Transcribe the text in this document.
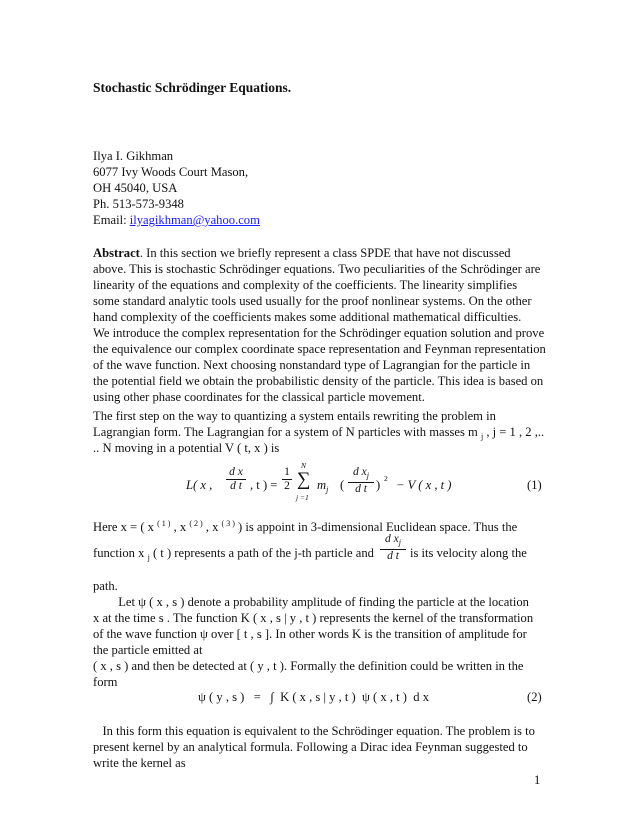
Stochastic Schrödinger Equations.
Ilya I. Gikhman
6077 Ivy Woods Court Mason,
OH 45040, USA
Ph. 513-573-9348
Email: ilyagikhman@yahoo.com
Abstract. In this section we briefly represent a class SPDE that have not discussed
above. This is stochastic Schrödinger equations. Two peculiarities of the Schrödinger are
linearity of the equations and complexity of the coefficients. The linearity simplifies
some standard analytic tools used usually for the proof nonlinear systems. On the other
hand complexity of the coefficients makes some additional mathematical difficulties.
We introduce the complex representation for the Schrödinger equation solution and prove
the equivalence our complex coordinate space representation and Feynman representation
of the wave function. Next choosing nonstandard type of Lagrangian for the particle in
the potential field we obtain the probabilistic density of the particle. This idea is based on
using other phase coordinates for the classical particle movement.
The first step on the way to quantizing a system entails rewriting the problem in
Lagrangian form. The Lagrangian for a system of N particles with masses m $_j$ , j = 1 , 2 ,..
.. N moving in a potential V ( t, x ) is
L( x , $\frac{\text{d x}}{\text{d t}}$ , t ) = $\frac{1}{2}$
N
∑
j =1
$m_j$ ( $\frac{d x_j}{\text{d t}}$ ) 2 − V ( x , t )	(1)
Here x = ( x $^{( 1 )}$ , x $^{( 2 )}$ , x $^{( 3 )}$ ) is appoint in 3-dimensional Euclidean space. Thus the
function x $_j$ ( t ) represents a path of the j-th particle and $\frac{d x_j}{\text{d t}}$ is its velocity along the
path.
Let ψ ( x , s ) denote a probability amplitude of finding the particle at the location
x at the time s . The function K ( x , s | y , t ) represents the kernel of the transformation
of the wave function ψ over [ t , s ]. In other words K is the transition of amplitude for
the particle emitted at
( x , s ) and then be detected at ( y , t ). Formally the definition could be written in the
form
ψ ( y , s )   =   ∫  K ( x , s | y , t )  ψ ( x , t )  d x	(2)
In this form this equation is equivalent to the Schrödinger equation. The problem is to
present kernel by an analytical formula. Following a Dirac idea Feynman suggested to
write the kernel as
1
